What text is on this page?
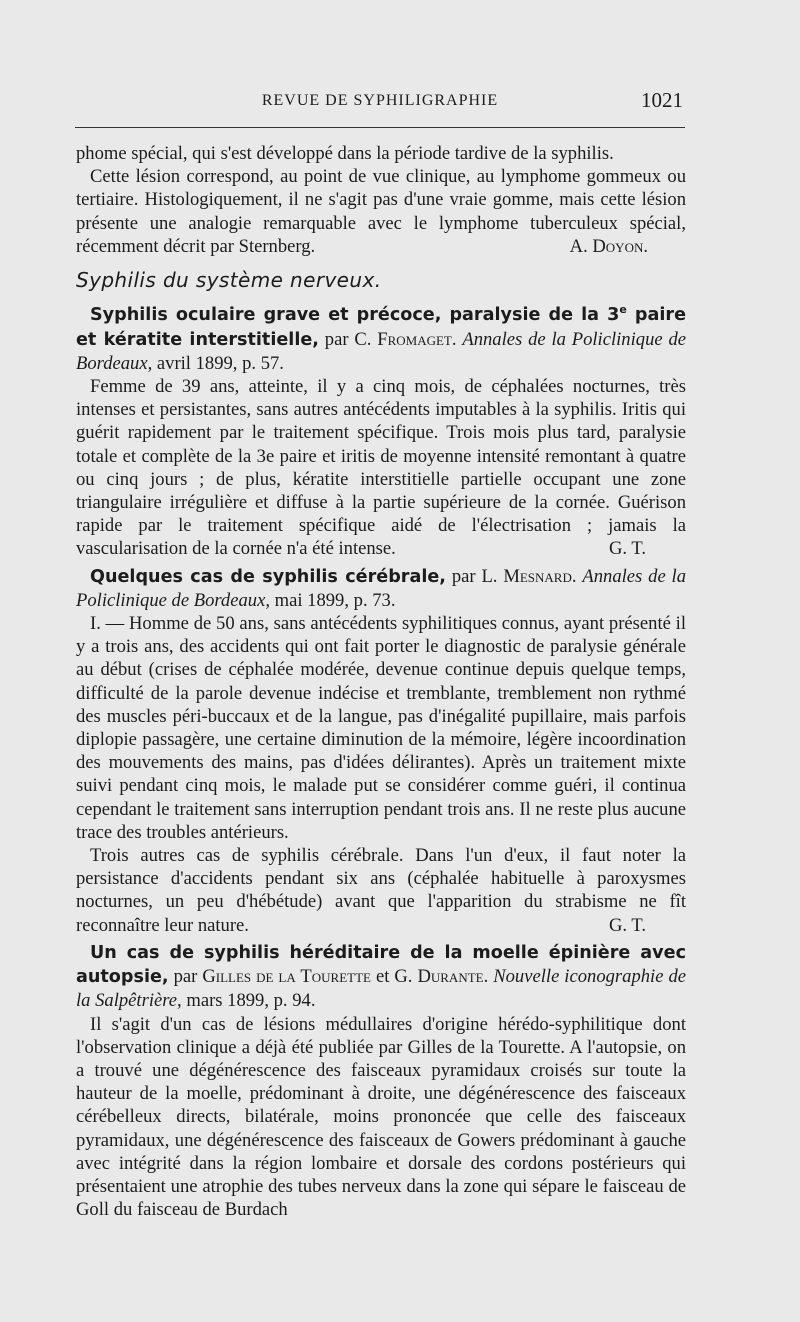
REVUE DE SYPHILIGRAPHIE	1021

phome spécial, qui s'est développé dans la période tardive de la syphilis.

Cette lésion correspond, au point de vue clinique, au lymphome gommeux ou tertiaire. Histologiquement, il ne s'agit pas d'une vraie gomme, mais cette lésion présente une analogie remarquable avec le lymphome tuberculeux spécial, récemment décrit par Sternberg.	A. Doyon.

Syphilis du système nerveux.

Syphilis oculaire grave et précoce, paralysie de la 3e paire et kératite interstitielle, par C. Fromaget. Annales de la Policlinique de Bordeaux, avril 1899, p. 57.

Femme de 39 ans, atteinte, il y a cinq mois, de céphalées nocturnes, très intenses et persistantes, sans autres antécédents imputables à la syphilis. Iritis qui guérit rapidement par le traitement spécifique. Trois mois plus tard, paralysie totale et complète de la 3e paire et iritis de moyenne intensité remontant à quatre ou cinq jours ; de plus, kératite interstitielle partielle occupant une zone triangulaire irrégulière et diffuse à la partie supérieure de la cornée. Guérison rapide par le traitement spécifique aidé de l'électrisation ; jamais la vascularisation de la cornée n'a été intense.	G. T.

Quelques cas de syphilis cérébrale, par L. Mesnard. Annales de la Policlinique de Bordeaux, mai 1899, p. 73.

I. — Homme de 50 ans, sans antécédents syphilitiques connus, ayant présenté il y a trois ans, des accidents qui ont fait porter le diagnostic de paralysie générale au début (crises de céphalée modérée, devenue continue depuis quelque temps, difficulté de la parole devenue indécise et tremblante, tremblement non rythmé des muscles péri-buccaux et de la langue, pas d'inégalité pupillaire, mais parfois diplopie passagère, une certaine diminution de la mémoire, légère incoordination des mouvements des mains, pas d'idées délirantes). Après un traitement mixte suivi pendant cinq mois, le malade put se considérer comme guéri, il continua cependant le traitement sans interruption pendant trois ans. Il ne reste plus aucune trace des troubles antérieurs.

Trois autres cas de syphilis cérébrale. Dans l'un d'eux, il faut noter la persistance d'accidents pendant six ans (céphalée habituelle à paroxysmes nocturnes, un peu d'hébétude) avant que l'apparition du strabisme ne fît reconnaître leur nature.	G. T.

Un cas de syphilis héréditaire de la moelle épinière avec autopsie, par Gilles de la Tourette et G. Durante. Nouvelle iconographie de la Salpêtrière, mars 1899, p. 94.

Il s'agit d'un cas de lésions médullaires d'origine hérédo-syphilitique dont l'observation clinique a déjà été publiée par Gilles de la Tourette. A l'autopsie, on a trouvé une dégénérescence des faisceaux pyramidaux croisés sur toute la hauteur de la moelle, prédominant à droite, une dégénérescence des faisceaux cérébelleux directs, bilatérale, moins prononcée que celle des faisceaux pyramidaux, une dégénérescence des faisceaux de Gowers prédominant à gauche avec intégrité dans la région lombaire et dorsale des cordons postérieurs qui présentaient une atrophie des tubes nerveux dans la zone qui sépare le faisceau de Goll du faisceau de Burdach
